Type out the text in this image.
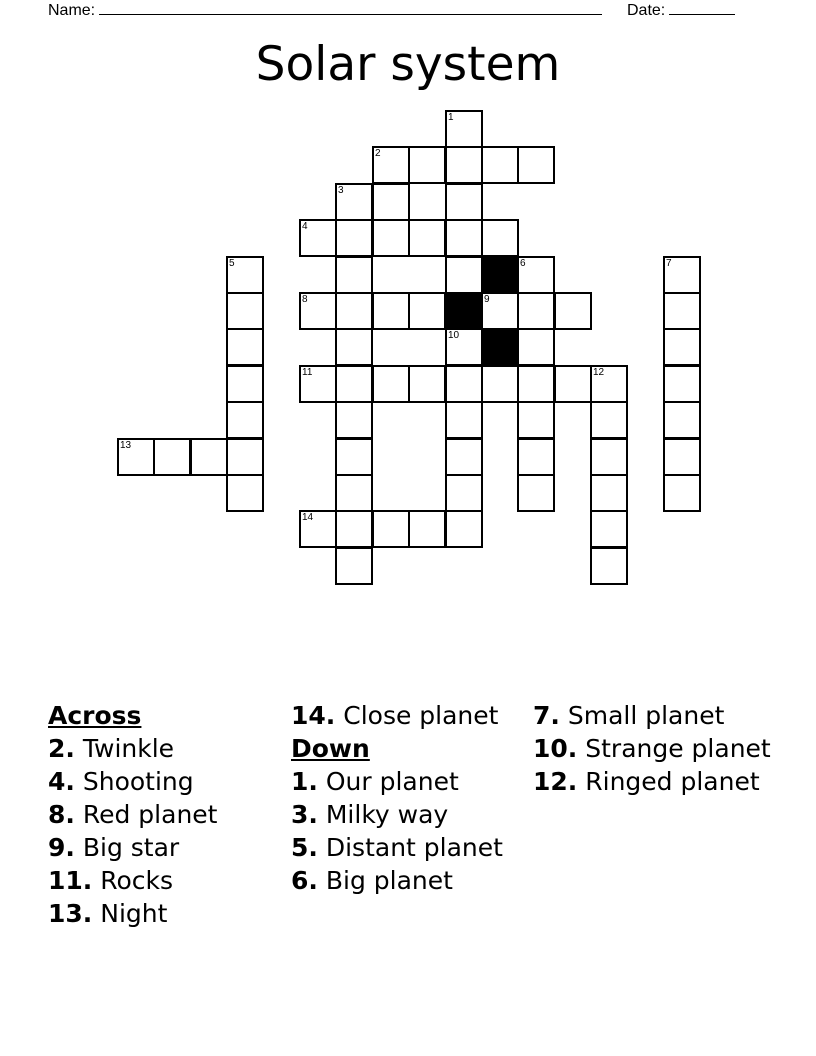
Name:	Date:
Solar system
1
2
3
4
5	6	7
8	9
10
11	12
13
14
Across
2. Twinkle
4. Shooting
8. Red planet
9. Big star
11. Rocks
13. Night
14. Close planet
Down
1. Our planet
3. Milky way
5. Distant planet
6. Big planet
7. Small planet
10. Strange planet
12. Ringed planet
